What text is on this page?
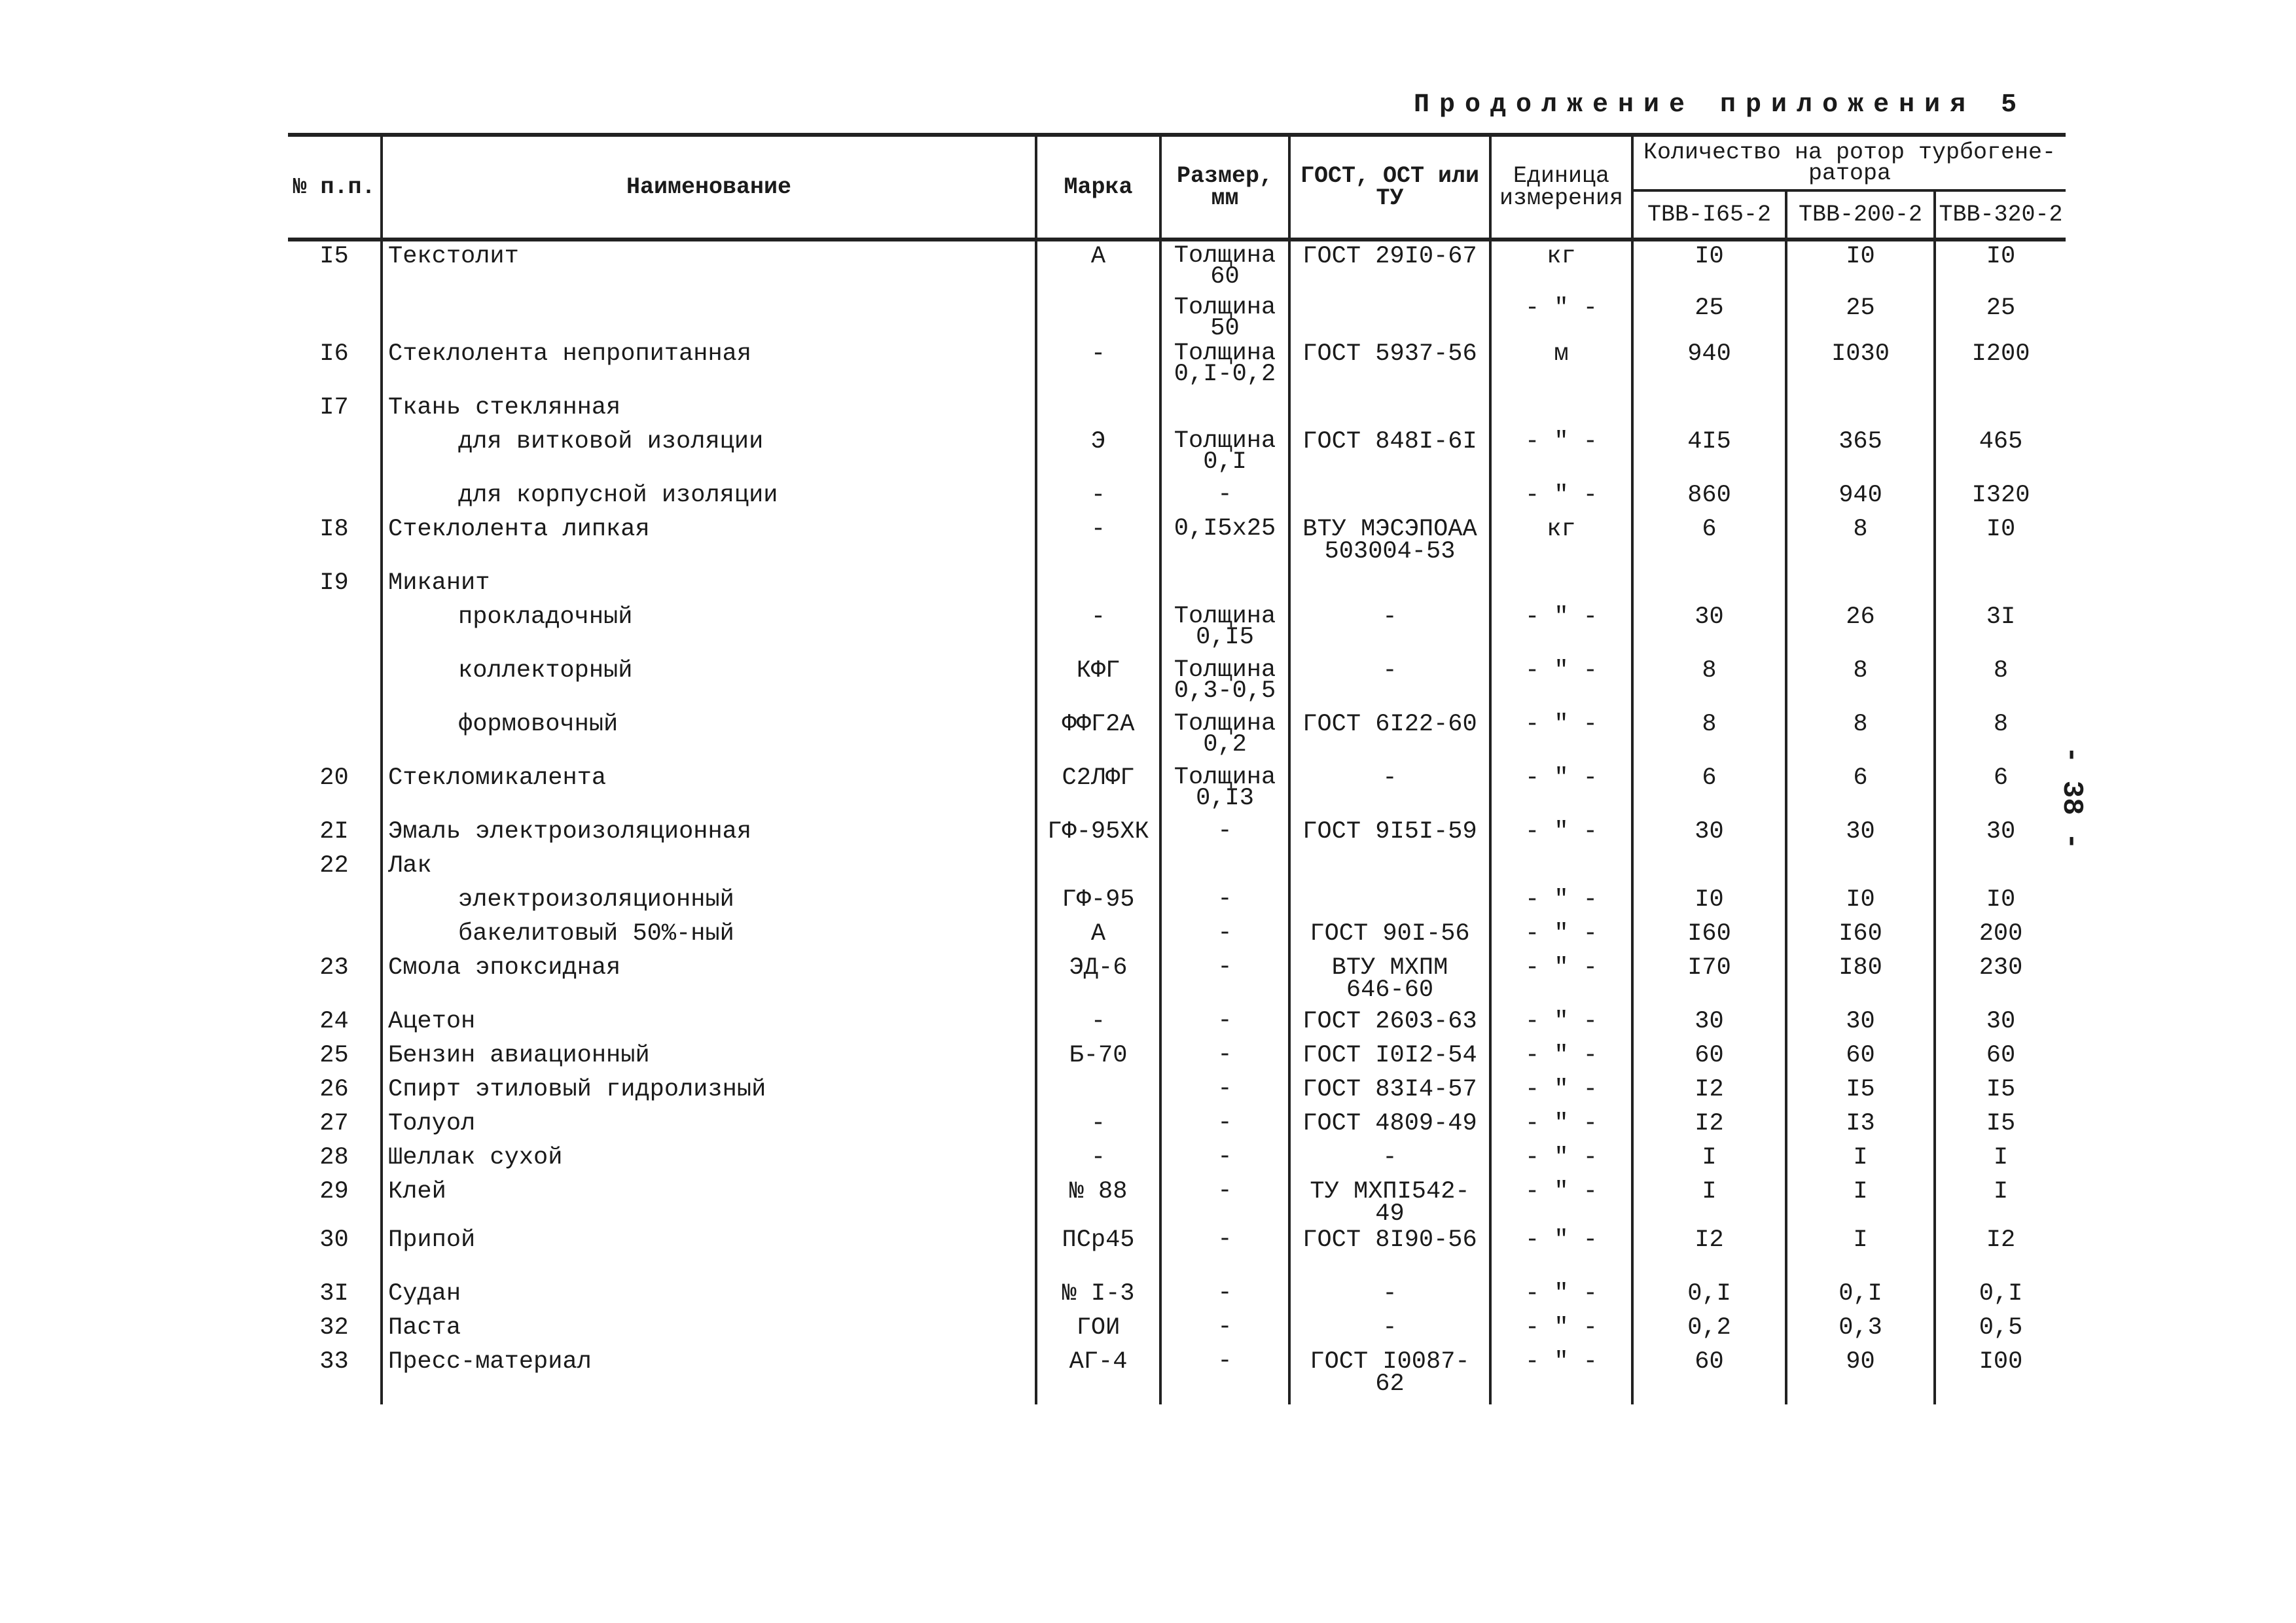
Продолжение приложения 5
- 38 -
№ п.п.	Наименование	Марка	Размер, мм	ГОСТ, ОСТ или ТУ	Единица измерения	Количество на ротор турбогене-ратора		
						ТВВ-I65-2	ТВВ-200-2	ТВВ-320-2
I5	Текстолит	А	Толщина 60	ГОСТ 29I0-67	кг	I0	I0	I0
			Толщина 50		- " -	25	25	25
I6	Стеклолента непропитанная	-	Толщина 0,I-0,2	ГОСТ 5937-56	м	940	I030	I200
I7	Ткань стеклянная							
	для витковой изоляции	Э	Толщина 0,I	ГОСТ 848I-6I	- " -	4I5	365	465
	для корпусной изоляции	-	-		- " -	860	940	I320
I8	Стеклолента липкая	-	0,I5х25	ВТУ МЭСЭПОАА 503004-53	кг	6	8	I0
I9	Миканит							
	прокладочный	-	Толщина 0,I5	-	- " -	30	26	3I
	коллекторный	КФГ	Толщина 0,3-0,5	-	- " -	8	8	8
	формовочный	ФФГ2А	Толщина 0,2	ГОСТ 6I22-60	- " -	8	8	8
20	Стекломикалента	С2ЛФГ	Толщина 0,I3	-	- " -	6	6	6
2I	Эмаль электроизоляционная	ГФ-95ХК	-	ГОСТ 9I5I-59	- " -	30	30	30
22	Лак							
	электроизоляционный	ГФ-95	-		- " -	I0	I0	I0
	бакелитовый 50%-ный	А	-	ГОСТ 90I-56	- " -	I60	I60	200
23	Смола эпоксидная	ЭД-6	-	ВТУ МХПМ 646-60	- " -	I70	I80	230
24	Ацетон	-	-	ГОСТ 2603-63	- " -	30	30	30
25	Бензин авиационный	Б-70	-	ГОСТ I0I2-54	- " -	60	60	60
26	Спирт этиловый гидролизный		-	ГОСТ 83I4-57	- " -	I2	I5	I5
27	Толуол	-	-	ГОСТ 4809-49	- " -	I2	I3	I5
28	Шеллак сухой	-	-	-	- " -	I	I	I
29	Клей	№ 88	-	ТУ МХПI542-49	- " -	I	I	I
30	Припой	ПСр45	-	ГОСТ 8I90-56	- " -	I2	I	I2
3I	Судан	№ I-3	-	-	- " -	0,I	0,I	0,I
32	Паста	ГОИ	-	-	- " -	0,2	0,3	0,5
33	Пресс-материал	АГ-4	-	ГОСТ I0087-62	- " -	60	90	I00
